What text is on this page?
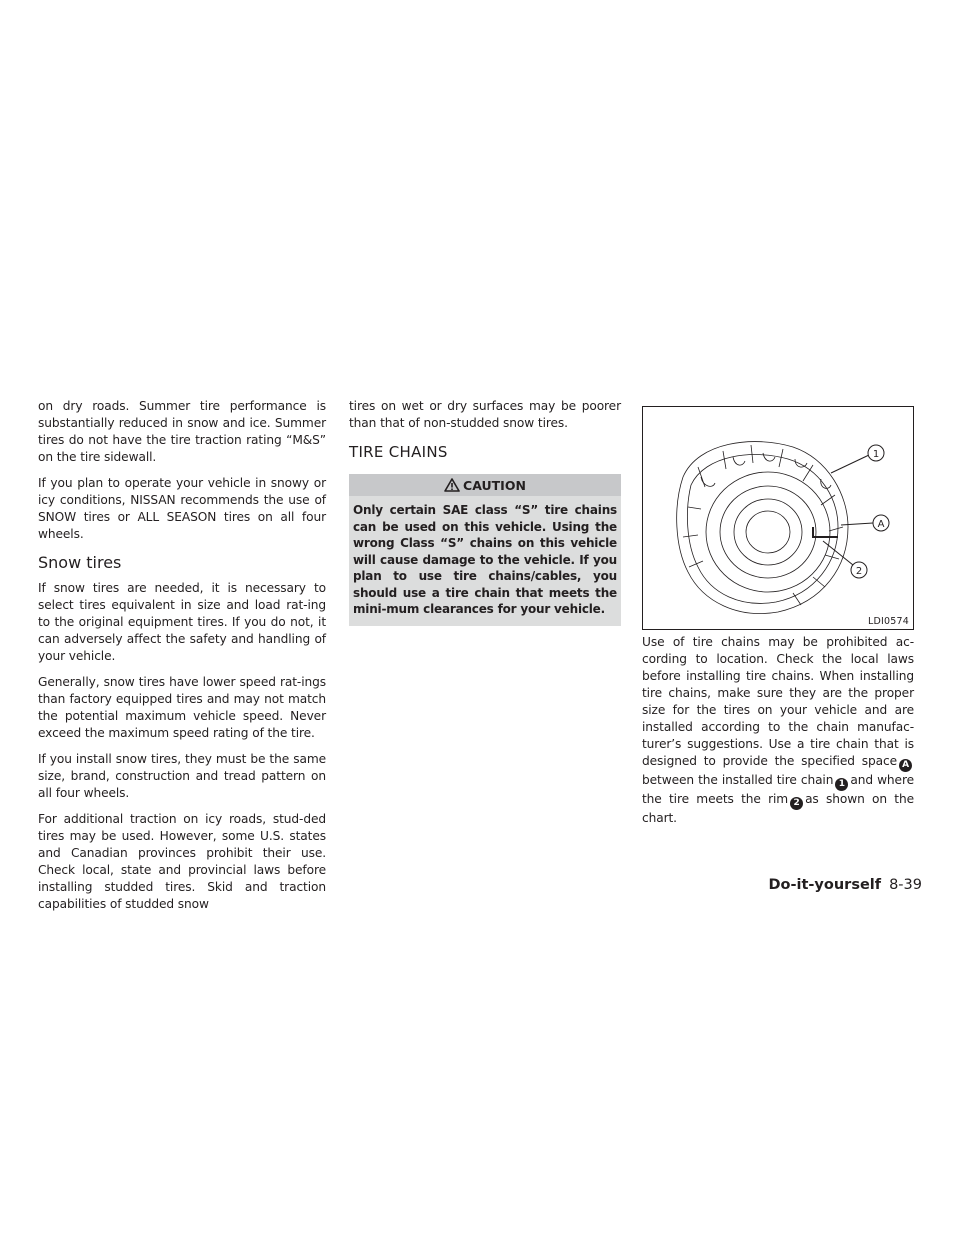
on dry roads. Summer tire performance is substantially reduced in snow and ice. Summer tires do not have the tire traction rating “M&S” on the tire sidewall.

If you plan to operate your vehicle in snowy or icy conditions, NISSAN recommends the use of SNOW tires or ALL SEASON tires on all four wheels.

Snow tires

If snow tires are needed, it is necessary to select tires equivalent in size and load rat-ing to the original equipment tires. If you do not, it can adversely affect the safety and handling of your vehicle.

Generally, snow tires have lower speed rat-ings than factory equipped tires and may not match the potential maximum vehicle speed. Never exceed the maximum speed rating of the tire.

If you install snow tires, they must be the same size, brand, construction and tread pattern on all four wheels.

For additional traction on icy roads, stud-ded tires may be used. However, some U.S. states and Canadian provinces prohibit their use. Check local, state and provincial laws before installing studded tires. Skid and traction capabilities of studded snow

tires on wet or dry surfaces may be poorer than that of non-studded snow tires.

TIRE CHAINS
CAUTION
Only certain SAE class “S” tire chains can be used on this vehicle. Using the wrong Class “S” chains on this vehicle will cause damage to the vehicle. If you plan to use tire chains/cables, you should use a tire chain that meets the mini-mum clearances for your vehicle.
1
A
2
LDI0574

Use of tire chains may be prohibited ac-cording to location. Check the local laws before installing tire chains. When installing tire chains, make sure they are the proper size for the tires on your vehicle and are installed according to the chain manufac-turer’s suggestions. Use a tire chain that is designed to provide the specified space Abetween the installed tire chain 1 and where the tire meets the rim 2 as shown on the chart.

Do-it-yourself 8-39
